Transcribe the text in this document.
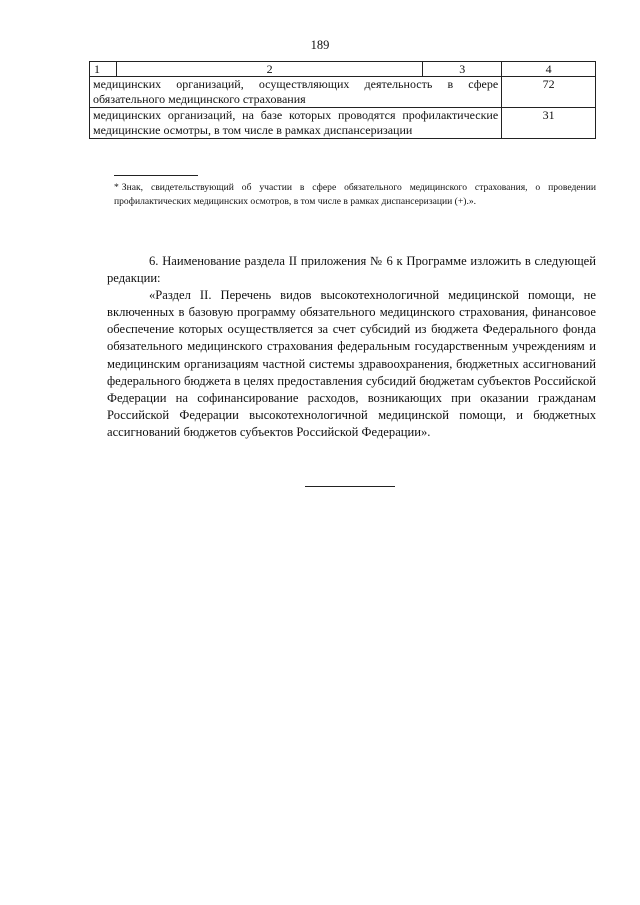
189
1	2	3	4
медицинских организаций, осуществляющих деятельность в сфере обязательного медицинского страхования			72
медицинских организаций, на базе которых проводятся профилактические медицинские осмотры, в том числе в рамках диспансеризации			31
* Знак, свидетельствующий об участии в сфере обязательного медицинского страхования, о проведении профилактических медицинских осмотров, в том числе в рамках диспансеризации (+).».

6. Наименование раздела II приложения № 6 к Программе изложить в следующей редакции:

«Раздел II. Перечень видов высокотехнологичной медицинской помощи, не включенных в базовую программу обязательного медицинского страхования, финансовое обеспечение которых осуществляется за счет субсидий из бюджета Федерального фонда обязательного медицинского страхования федеральным государственным учреждениям и медицинским организациям частной системы здравоохранения, бюджетных ассигнований федерального бюджета в целях предоставления субсидий бюджетам субъектов Российской Федерации на софинансирование расходов, возникающих при оказании гражданам Российской Федерации высокотехнологичной медицинской помощи, и бюджетных ассигнований бюджетов субъектов Российской Федерации».
